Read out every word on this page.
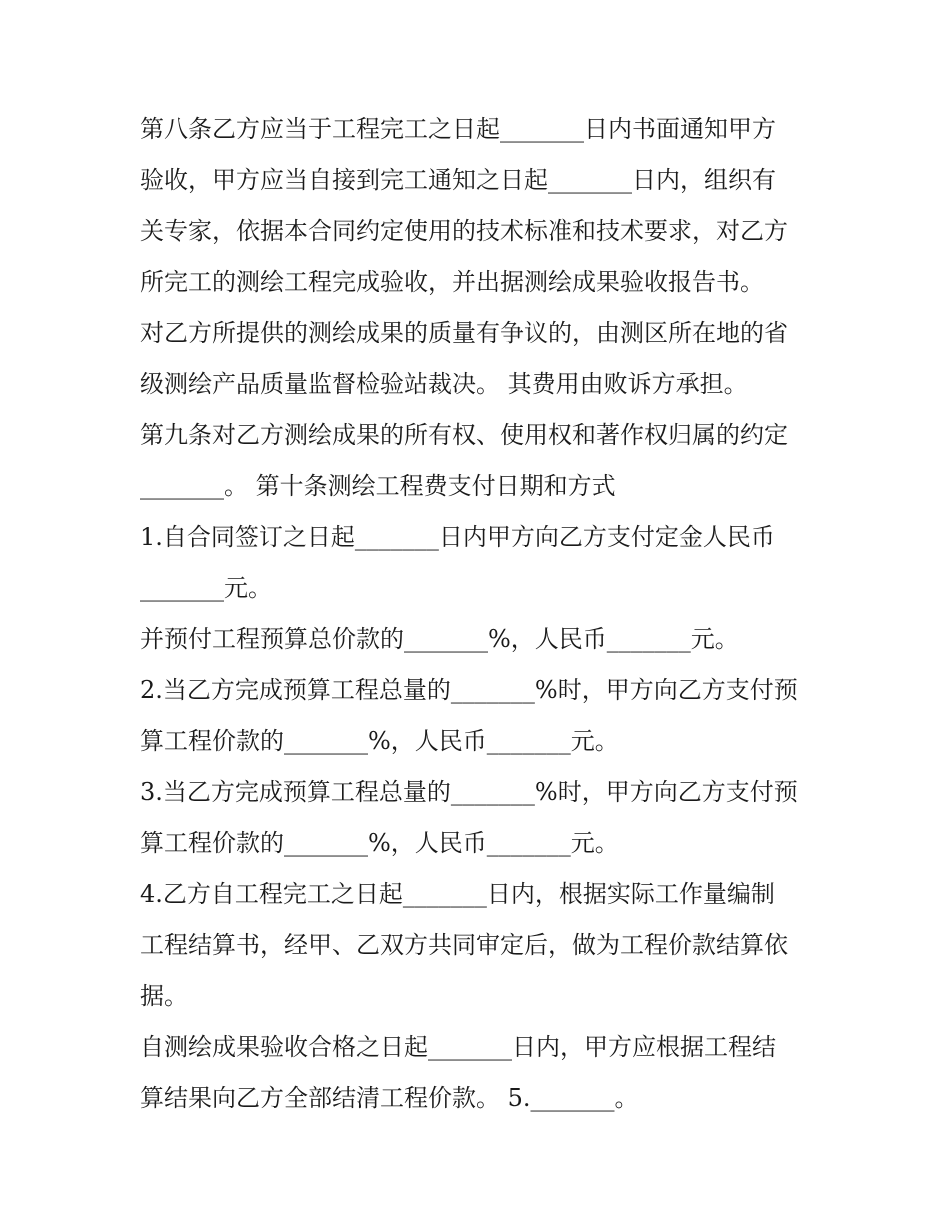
第八条乙方应当于工程完工之日起_______日内书面通知甲方
验收，甲方应当自接到完工通知之日起_______日内，组织有
关专家，依据本合同约定使用的技术标准和技术要求，对乙方
所完工的测绘工程完成验收，并出据测绘成果验收报告书。
对乙方所提供的测绘成果的质量有争议的，由测区所在地的省
级测绘产品质量监督检验站裁决。 其费用由败诉方承担。
第九条对乙方测绘成果的所有权、使用权和著作权归属的约定
_______。 第十条测绘工程费支付日期和方式
1.自合同签订之日起_______日内甲方向乙方支付定金人民币
_______元。
并预付工程预算总价款的_______%，人民币_______元。
2.当乙方完成预算工程总量的_______%时，甲方向乙方支付预
算工程价款的_______%，人民币_______元。
3.当乙方完成预算工程总量的_______%时，甲方向乙方支付预
算工程价款的_______%，人民币_______元。
4.乙方自工程完工之日起_______日内，根据实际工作量编制
工程结算书，经甲、乙双方共同审定后，做为工程价款结算依
据。
自测绘成果验收合格之日起_______日内，甲方应根据工程结
算结果向乙方全部结清工程价款。 5._______。
